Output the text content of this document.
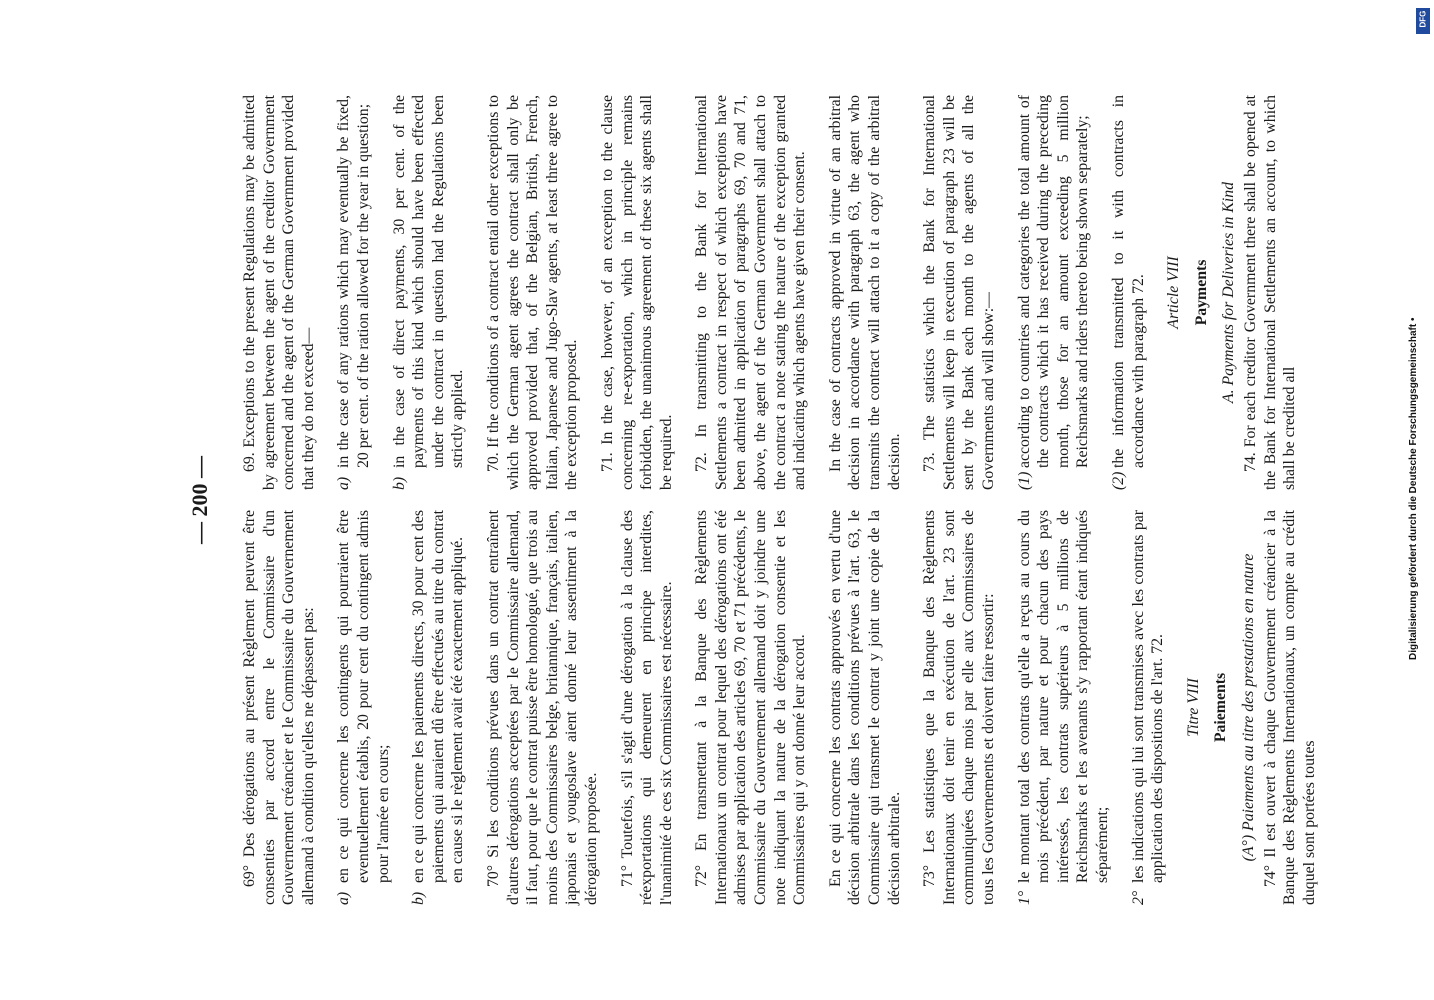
— 200 —

69° Des dérogations au présent Règlement peuvent être consenties par accord entre le Commissaire d'un Gouvernement créancier et le Commissaire du Gouvernement allemand à condition qu'elles ne dépassent pas: a)
en ce qui concerne les contingents qui pourraient être eventuellement établis, 20 pour cent du contingent admis pour l'année en cours;

b)
en ce qui concerne les paiements directs, 30 pour cent des paiements qui auraient dû être effectués au titre du contrat en cause si le règlement avait été exactement appliqué. 70° Si les conditions prévues dans un contrat entraînent d'autres dérogations acceptées par le Commissaire allemand, il faut, pour que le contrat puisse être homologué, que trois au moins des Commissaires belge, britannique, français, italien, japonais et yougoslave aient donné leur assentiment à la dérogation proposée. 71° Toutefois, s'il s'agit d'une dérogation à la clause des réexportations qui demeurent en principe interdites, l'unanimité de ces six Commissaires est nécessaire. 72° En transmettant à la Banque des Règlements Internationaux un contrat pour lequel des dérogations ont été admises par application des articles 69, 70 et 71 précédents, le Commissaire du Gouvernement allemand doit y joindre une note indiquant la nature de la dérogation consentie et les Commissaires qui y ont donné leur accord. En ce qui concerne les contrats approuvés en vertu d'une décision arbitrale dans les conditions prévues à l'art. 63, le Commissaire qui transmet le contrat y joint une copie de la décision arbitrale. 73° Les statistiques que la Banque des Règlements Internationaux doit tenir en exécution de l'art. 23 sont communiquées chaque mois par elle aux Commissaires de tous les Gouvernements et doivent faire ressortir: 1°
le montant total des contrats qu'elle a reçus au cours du mois précédent, par nature et pour chacun des pays intéressés, les contrats supérieurs à 5 millions de Reichsmarks et les avenants s'y rapportant étant indiqués séparément;

2°
les indications qui lui sont transmises avec les contrats par application des dispositions de l'art. 72. Titre VIII Paiements (A°) Paiements au titre des prestations en nature 74° Il est ouvert à chaque Gouvernement créancier à la Banque des Règlements Internationaux, un compte au crédit duquel sont portées toutes

69. Exceptions to the present Regulations may be admitted by agreement between the agent of the creditor Government concerned and the agent of the German Government provided that they do not exceed— a)
in the case of any rations which may eventually be fixed, 20 per cent. of the ration allowed for the year in question;

b)
in the case of direct payments, 30 per cent. of the payments of this kind which should have been effected under the contract in question had the Regulations been strictly applied. 70. If the conditions of a contract entail other exceptions to which the German agent agrees the contract shall only be approved provided that, of the Belgian, British, French, Italian, Japanese and Jugo-Slav agents, at least three agree to the exception proposed. 71. In the case, however, of an exception to the clause concerning re-exportation, which in principle remains forbidden, the unanimous agreement of these six agents shall be required. 72. In transmitting to the Bank for International Settlements a contract in respect of which exceptions have been admitted in application of paragraphs 69, 70 and 71, above, the agent of the German Government shall attach to the contract a note stating the nature of the exception granted and indicating which agents have given their consent. In the case of contracts approved in virtue of an arbitral decision in accordance with paragraph 63, the agent who transmits the contract will attach to it a copy of the arbitral decision. 73. The statistics which the Bank for International Settlements will keep in execution of paragraph 23 will be sent by the Bank each month to the agents of all the Governments and will show:— (1)
according to countries and categories the total amount of the contracts which it has received during the preceding month, those for an amount exceeding 5 million Reichsmarks and riders thereto being shown separately;

(2)
the information transmitted to it with contracts in accordance with paragraph 72. Article VIII Payments A. Payments for Deliveries in Kind 74. For each creditor Government there shall be opened at the Bank for International Settlements an account, to which shall be credited all

DFG
Digitalisierung gefördert durch die Deutsche Forschungsgemeinschaft •
